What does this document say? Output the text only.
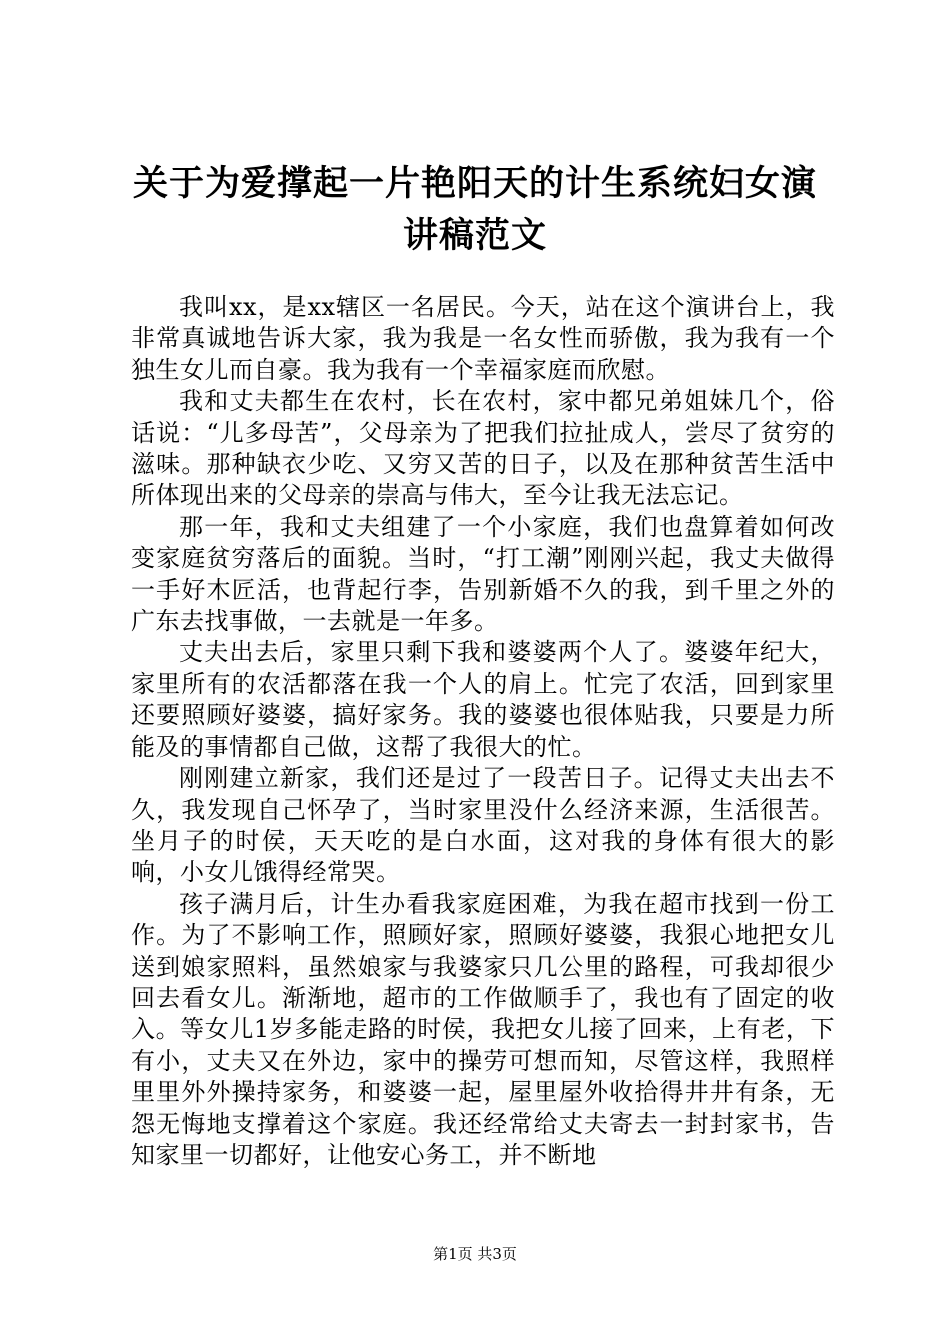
关于为爱撑起一片艳阳天的计生系统妇女演讲稿范文

我叫xx，是xx辖区一名居民。今天，站在这个演讲台上，我非常真诚地告诉大家，我为我是一名女性而骄傲，我为我有一个独生女儿而自豪。我为我有一个幸福家庭而欣慰。

我和丈夫都生在农村，长在农村，家中都兄弟姐妹几个，俗话说：“儿多母苦”，父母亲为了把我们拉扯成人，尝尽了贫穷的滋味。那种缺衣少吃、又穷又苦的日子，以及在那种贫苦生活中所体现出来的父母亲的崇高与伟大，至今让我无法忘记。

那一年，我和丈夫组建了一个小家庭，我们也盘算着如何改变家庭贫穷落后的面貌。当时，“打工潮”刚刚兴起，我丈夫做得一手好木匠活，也背起行李，告别新婚不久的我，到千里之外的广东去找事做，一去就是一年多。

丈夫出去后，家里只剩下我和婆婆两个人了。婆婆年纪大，家里所有的农活都落在我一个人的肩上。忙完了农活，回到家里还要照顾好婆婆，搞好家务。我的婆婆也很体贴我，只要是力所能及的事情都自己做，这帮了我很大的忙。

刚刚建立新家，我们还是过了一段苦日子。记得丈夫出去不久，我发现自己怀孕了，当时家里没什么经济来源，生活很苦。坐月子的时侯，天天吃的是白水面，这对我的身体有很大的影响，小女儿饿得经常哭。

孩子满月后，计生办看我家庭困难，为我在超市找到一份工作。为了不影响工作，照顾好家，照顾好婆婆，我狠心地把女儿送到娘家照料，虽然娘家与我婆家只几公里的路程，可我却很少回去看女儿。渐渐地，超市的工作做顺手了，我也有了固定的收入。等女儿1岁多能走路的时侯，我把女儿接了回来，上有老，下有小，丈夫又在外边，家中的操劳可想而知，尽管这样，我照样里里外外操持家务，和婆婆一起，屋里屋外收拾得井井有条，无怨无悔地支撑着这个家庭。我还经常给丈夫寄去一封封家书，告知家里一切都好，让他安心务工，并不断地

第1页 共3页
